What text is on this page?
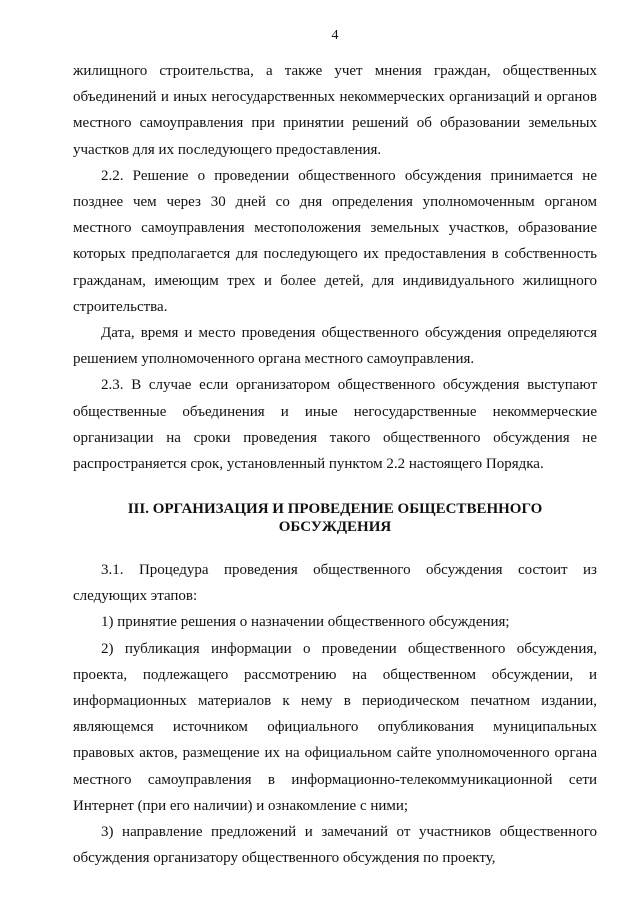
4

жилищного строительства, а также учет мнения граждан, общественных объединений и иных негосударственных некоммерческих организаций и органов местного самоуправления при принятии решений об образовании земельных участков для их последующего предоставления.

2.2. Решение о проведении общественного обсуждения принимается не позднее чем через 30 дней со дня определения уполномоченным органом местного самоуправления местоположения земельных участков, образование которых предполагается для последующего их предоставления в собственность гражданам, имеющим трех и более детей, для индивидуального жилищного строительства.

Дата, время и место проведения общественного обсуждения определяются решением уполномоченного органа местного самоуправления.

2.3. В случае если организатором общественного обсуждения выступают общественные объединения и иные негосударственные некоммерческие организации на сроки проведения такого общественного обсуждения не распространяется срок, установленный пунктом 2.2 настоящего Порядка.

III. ОРГАНИЗАЦИЯ И ПРОВЕДЕНИЕ ОБЩЕСТВЕННОГО
ОБСУЖДЕНИЯ

3.1. Процедура проведения общественного обсуждения состоит из следующих этапов:

1) принятие решения о назначении общественного обсуждения;

2) публикация информации о проведении общественного обсуждения, проекта, подлежащего рассмотрению на общественном обсуждении, и информационных материалов к нему в периодическом печатном издании, являющемся источником официального опубликования муниципальных правовых актов, размещение их на официальном сайте уполномоченного органа местного самоуправления в информационно-телекоммуникационной сети Интернет (при его наличии) и ознакомление с ними;

3) направление предложений и замечаний от участников общественного обсуждения организатору общественного обсуждения по проекту,
